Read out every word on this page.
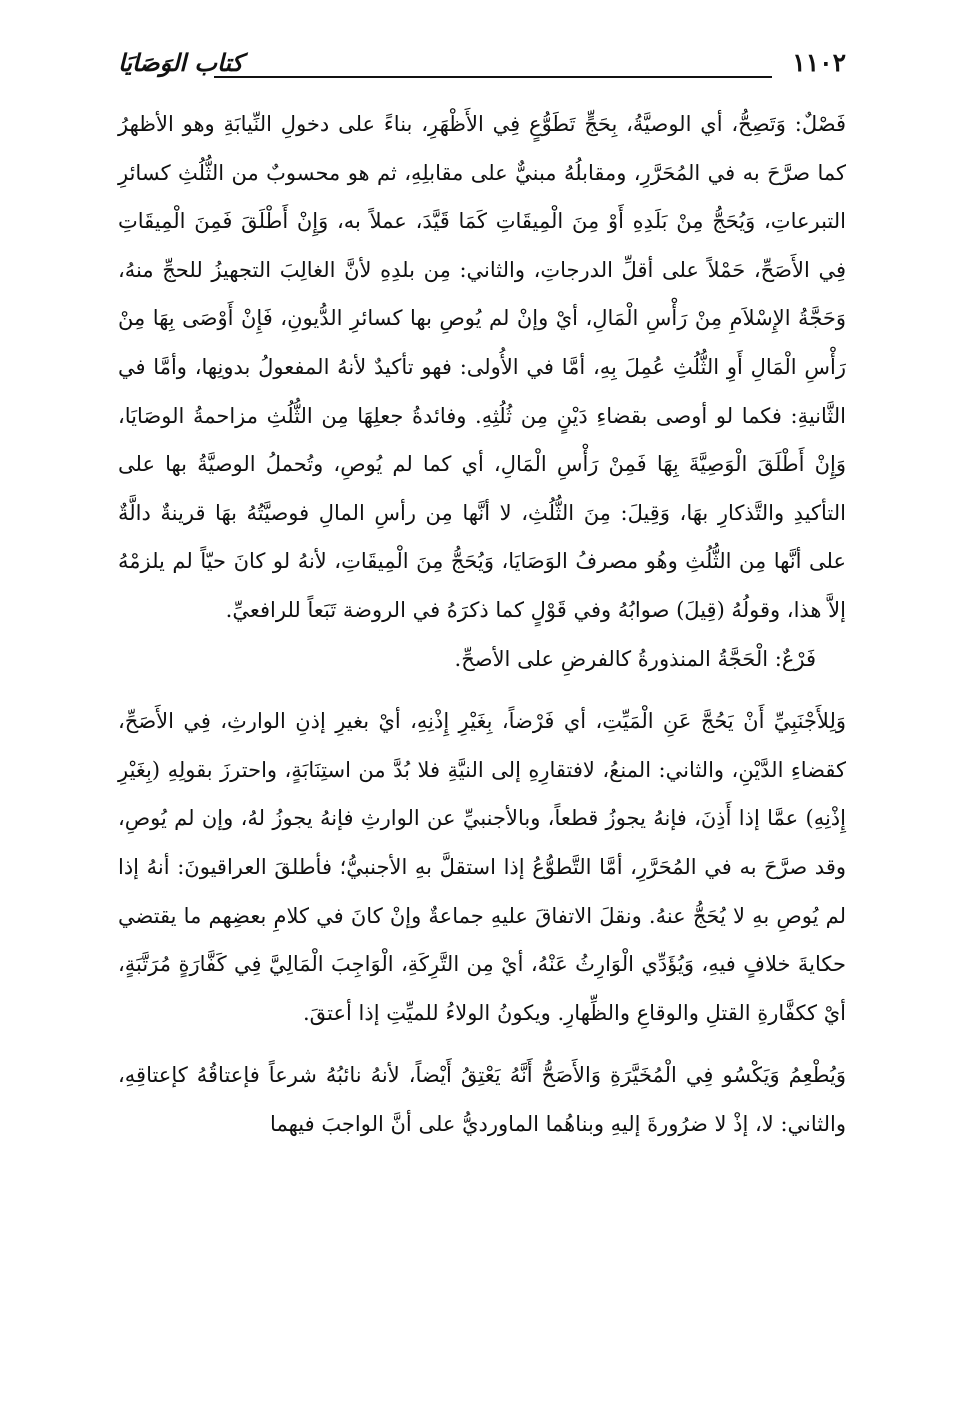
١١٠٢
كتاب الوَصَايَا

فَصْلٌ: وَتَصِحُّ، أي الوصيَّةُ، بِحَجٍّ تَطَوُّعٍ فِي الأَظْهَرِ، بناءً على دخولِ النِّيابَةِ وهو الأظهرُ كما صرَّحَ به في المُحَرَّرِ، ومقابلُهُ مبنيٌّ على مقابلِهِ، ثم هو محسوبٌ من الثُّلُثِ كسائرِ التبرعاتِ، وَيُحَجُّ مِنْ بَلَدِهِ أَوْ مِنَ الْمِيقَاتِ كَمَا قَيَّدَ، عملاً به، وَإِنْ أَطْلَقَ فَمِنَ الْمِيقَاتِ فِي الأَصَحِّ، حَمْلاً على أقلِّ الدرجاتِ، والثاني: مِن بلدِهِ لأنَّ الغالِبَ التجهيزُ للحجِّ منهُ، وَحَجَّةُ الإِسْلاَمِ مِنْ رَأْسِ الْمَالِ، أيْ وإنْ لم يُوصِ بها كسائرِ الدُّيونِ، فَإِنْ أَوْصَى بِهَا مِنْ رَأْسِ الْمَالِ أَوِ الثُّلُثِ عُمِلَ بِهِ، أمَّا في الأُولى: فهو تأكيدٌ لأنهُ المفعولُ بدونِها، وأمَّا في الثَّانيةِ: فكما لو أوصى بقضاءِ دَيْنٍ مِن ثُلُثِهِ. وفائدةُ جعلِهَا مِن الثُّلُثِ مزاحمةُ الوصَايَا، وَإِنْ أَطْلَقَ الْوَصِيَّةَ بِهَا فَمِنْ رَأْسِ الْمَالِ، أي كما لم يُوصِ، وتُحملُ الوصيَّةُ بها على التأكيدِ والتَّذكارِ بهَا، وَقِيلَ: مِنَ الثُّلُثِ، لا أنَّها مِن رأسِ المالِ فوصيَّتُهُ بهَا قرينةٌ دالَّةٌ على أنَّها مِن الثُّلُثِ وهُو مصرفُ الوَصَايَا، وَيُحَجُّ مِنَ الْمِيقَاتِ، لأنهُ لو كانَ حيّاً لم يلزمْهُ إلاَّ هذا، وقولُهُ (قِيلَ) صوابُهُ وفي قَوْلٍ كما ذكرَهُ في الروضة تَبَعاً للرافعيِّ.

فَرْعٌ: الْحَجَّةُ المنذورةُ كالفرضِ على الأصحِّ.

وَلِلأَجْنَبِيِّ أَنْ يَحُجَّ عَنِ الْمَيِّتِ، أي فَرْضاً، بِغَيْرِ إِذْنِهِ، أيْ بغيرِ إذنِ الوارثِ، فِي الأَصَحِّ، كقضاءِ الدَّيْنِ، والثاني: المنعُ، لافتقارِهِ إلى النيَّةِ فلا بُدَّ من استِنَابَةٍ، واحترزَ بقولِهِ (بِغَيْرِ إِذْنِهِ) عمَّا إذا أَذِنَ، فإنهُ يجوزُ قطعاً، وبالأجنبيِّ عن الوارثِ فإنهُ يجوزُ لهُ، وإن لم يُوصِ، وقد صرَّحَ به في المُحَرَّرِ، أمَّا التَّطوُّعُ إذا استقلَّ بهِ الأجنبيُّ؛ فأطلقَ العراقيونَ: أنهُ إذا لم يُوصِ بهِ لا يُحَجُّ عنهُ. ونقلَ الاتفاقَ عليهِ جماعةٌ وإنْ كانَ في كلامِ بعضِهم ما يقتضي حكايةَ خلافٍ فيهِ، وَيُؤَدِّي الْوَارِثُ عَنْهُ، أيْ مِن التَّرِكَةِ، الْوَاجِبَ الْمَالِيَّ فِي كَفَّارَةٍ مُرَتَّبَةٍ، أيْ ككفَّارةِ القتلِ والوقاعِ والظِّهارِ. ويكونُ الولاءُ للميِّتِ إذا أعتقَ.

وَيُطْعِمُ وَيَكْسُو فِي الْمُخَيَّرَةِ وَالأَصَحُّ أَنَّهُ يَعْتِقُ أَيْضاً، لأنهُ نائبُهُ شرعاً فإعتاقُهُ كإعتاقِهِ، والثاني: لا، إذْ لا ضرُورةَ إليهِ وبناهُما الماورديُّ على أنَّ الواجبَ فيهما
